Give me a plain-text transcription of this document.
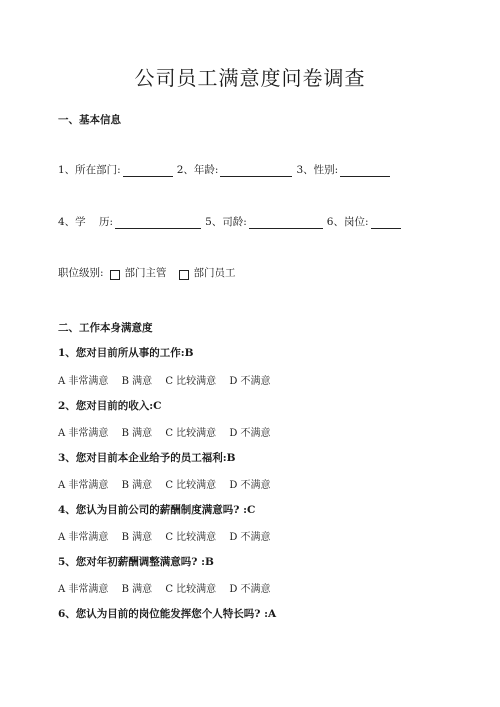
公司员工满意度问卷调查
一、基本信息
1、所在部门:	2、年龄:	3、性别:
4、学    历:	5、司龄:	6、岗位:
职位级别: 部门主管	部门员工
二、工作本身满意度
1、您对目前所从事的工作:B
A 非常满意 B 满意 C 比较满意 D 不满意
2、您对目前的收入:C
A 非常满意 B 满意 C 比较满意 D 不满意
3、您对目前本企业给予的员工福利:B
A 非常满意 B 满意 C 比较满意 D 不满意
4、您认为目前公司的薪酬制度满意吗? :C
A 非常满意 B 满意 C 比较满意 D 不满意
5、您对年初薪酬调整满意吗? :B
A 非常满意 B 满意 C 比较满意 D 不满意
6、您认为目前的岗位能发挥您个人特长吗? :A
